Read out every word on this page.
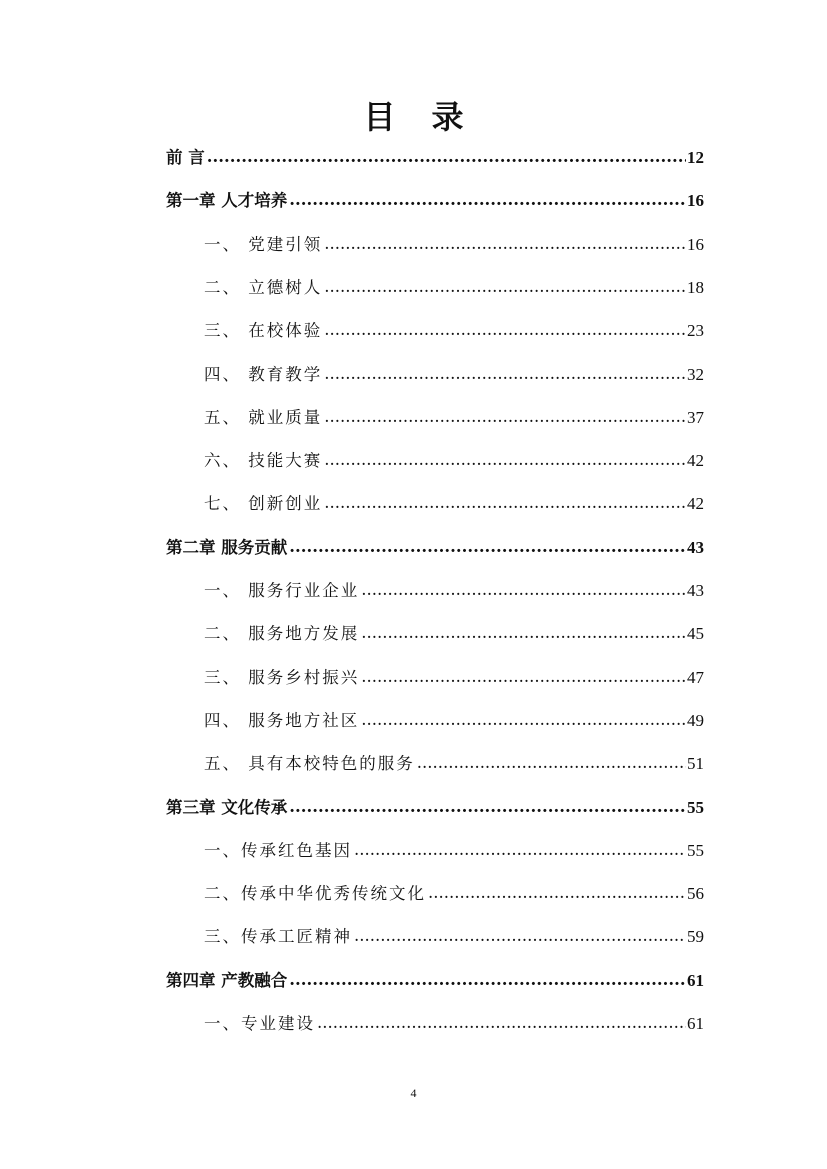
目 录
前 言 .....	12
第一章 人才培养 .....	16
一、 党建引领 .....	16
二、 立德树人 .....	18
三、 在校体验 .....	23
四、 教育教学 .....	32
五、 就业质量 .....	37
六、 技能大赛 .....	42
七、 创新创业 .....	42
第二章 服务贡献 .....	43
一、 服务行业企业 .....	43
二、 服务地方发展 .....	45
三、 服务乡村振兴 .....	47
四、 服务地方社区 .....	49
五、 具有本校特色的服务 .....	51
第三章 文化传承 .....	55
一、传承红色基因 .....	55
二、传承中华优秀传统文化 .....	56
三、传承工匠精神 .....	59
第四章 产教融合 .....	61
一、专业建设 .....	61
4
